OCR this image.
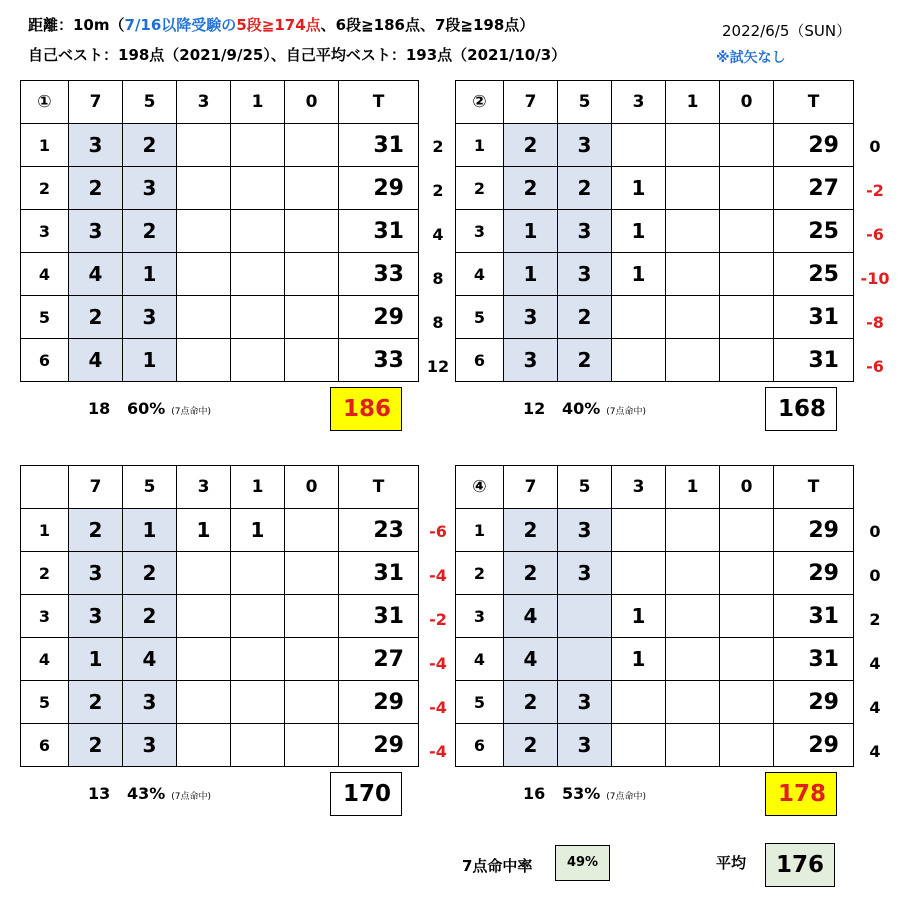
距離：10m（7/16以降受験の5段≧174点、6段≧186点、7段≧198点）
自己ベスト：198点（2021/9/25）、自己平均ベスト：193点（2021/10/3）
2022/6/5（SUN）
※試矢なし
2
2
4
8
8
12
①	7	5	3	1	0	T
1	3	2				31
2	2	3				29
3	3	2				31
4	4	1				33
5	2	3				29
6	4	1				33
18 60% (7点命中)	186
0
-2
-6
-10
-8
-6
②	7	5	3	1	0	T
1	2	3				29
2	2	2	1			27
3	1	3	1			25
4	1	3	1			25
5	3	2				31
6	3	2				31
12 40% (7点命中)	168
-6
-4
-2
-4
-4
-4
	7	5	3	1	0	T
1	2	1	1	1		23
2	3	2				31
3	3	2				31
4	1	4				27
5	2	3				29
6	2	3				29
13 43% (7点命中)	170
0
0
2
4
4
4
④	7	5	3	1	0	T
1	2	3				29
2	2	3				29
3	4		1			31
4	4		1			31
5	2	3				29
6	2	3				29
16 53% (7点命中)	178
7点命中率	49%	平均	176
